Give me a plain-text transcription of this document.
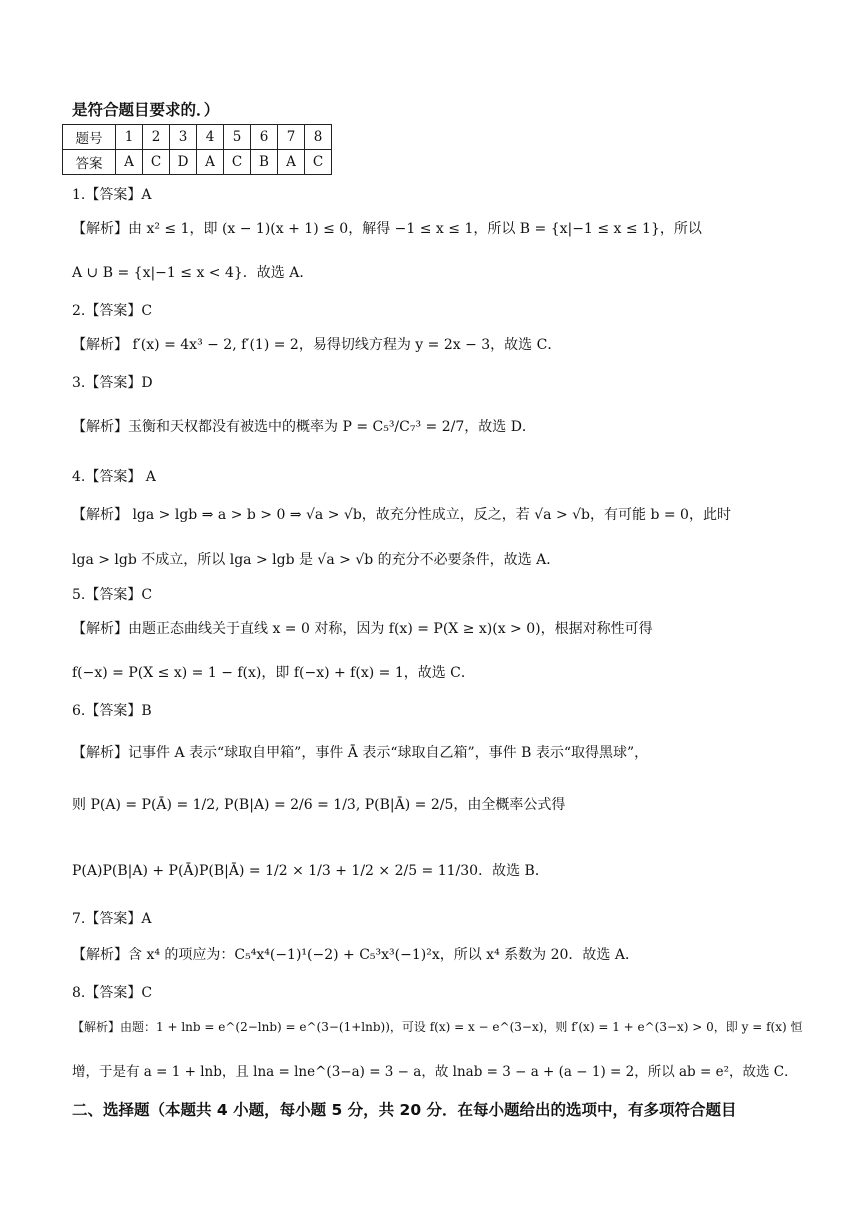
是符合题目要求的．）
题号	1	2	3	4	5	6	7	8
答案	A	C	D	A	C	B	A	C
1.【答案】A
【解析】由 x² ≤ 1，即 (x − 1)(x + 1) ≤ 0，解得 −1 ≤ x ≤ 1，所以 B = {x|−1 ≤ x ≤ 1}，所以
A ∪ B = {x|−1 ≤ x < 4}．故选 A．
2.【答案】C
【解析】 f′(x) = 4x³ − 2, f′(1) = 2，易得切线方程为 y = 2x − 3，故选 C．
3.【答案】D
【解析】玉衡和天权都没有被选中的概率为 P = C₅³/C₇³ = 2/7，故选 D．
4.【答案】 A
【解析】 lga > lgb ⇒ a > b > 0 ⇒ √a > √b，故充分性成立，反之，若 √a > √b，有可能 b = 0，此时
lga > lgb 不成立，所以 lga > lgb 是 √a > √b 的充分不必要条件，故选 A．
5.【答案】C
【解析】由题正态曲线关于直线 x = 0 对称，因为 f(x) = P(X ≥ x)(x > 0)，根据对称性可得
f(−x) = P(X ≤ x) = 1 − f(x)，即 f(−x) + f(x) = 1，故选 C．
6.【答案】B
【解析】记事件 A 表示“球取自甲箱”，事件 Ā 表示“球取自乙箱”，事件 B 表示“取得黑球”，
则 P(A) = P(Ā) = 1/2, P(B|A) = 2/6 = 1/3, P(B|Ā) = 2/5，由全概率公式得
P(A)P(B|A) + P(Ā)P(B|Ā) = 1/2 × 1/3 + 1/2 × 2/5 = 11/30．故选 B．
7.【答案】A
【解析】含 x⁴ 的项应为：C₅⁴x⁴(−1)¹(−2) + C₅³x³(−1)²x，所以 x⁴ 系数为 20．故选 A．
8.【答案】C
【解析】由题：1 + lnb = e^(2−lnb) = e^(3−(1+lnb))，可设 f(x) = x − e^(3−x)，则 f′(x) = 1 + e^(3−x) > 0，即 y = f(x) 恒
增，于是有 a = 1 + lnb，且 lna = lne^(3−a) = 3 − a，故 lnab = 3 − a + (a − 1) = 2，所以 ab = e²，故选 C．
二、选择题（本题共 4 小题，每小题 5 分，共 20 分．在每小题给出的选项中，有多项符合题目
